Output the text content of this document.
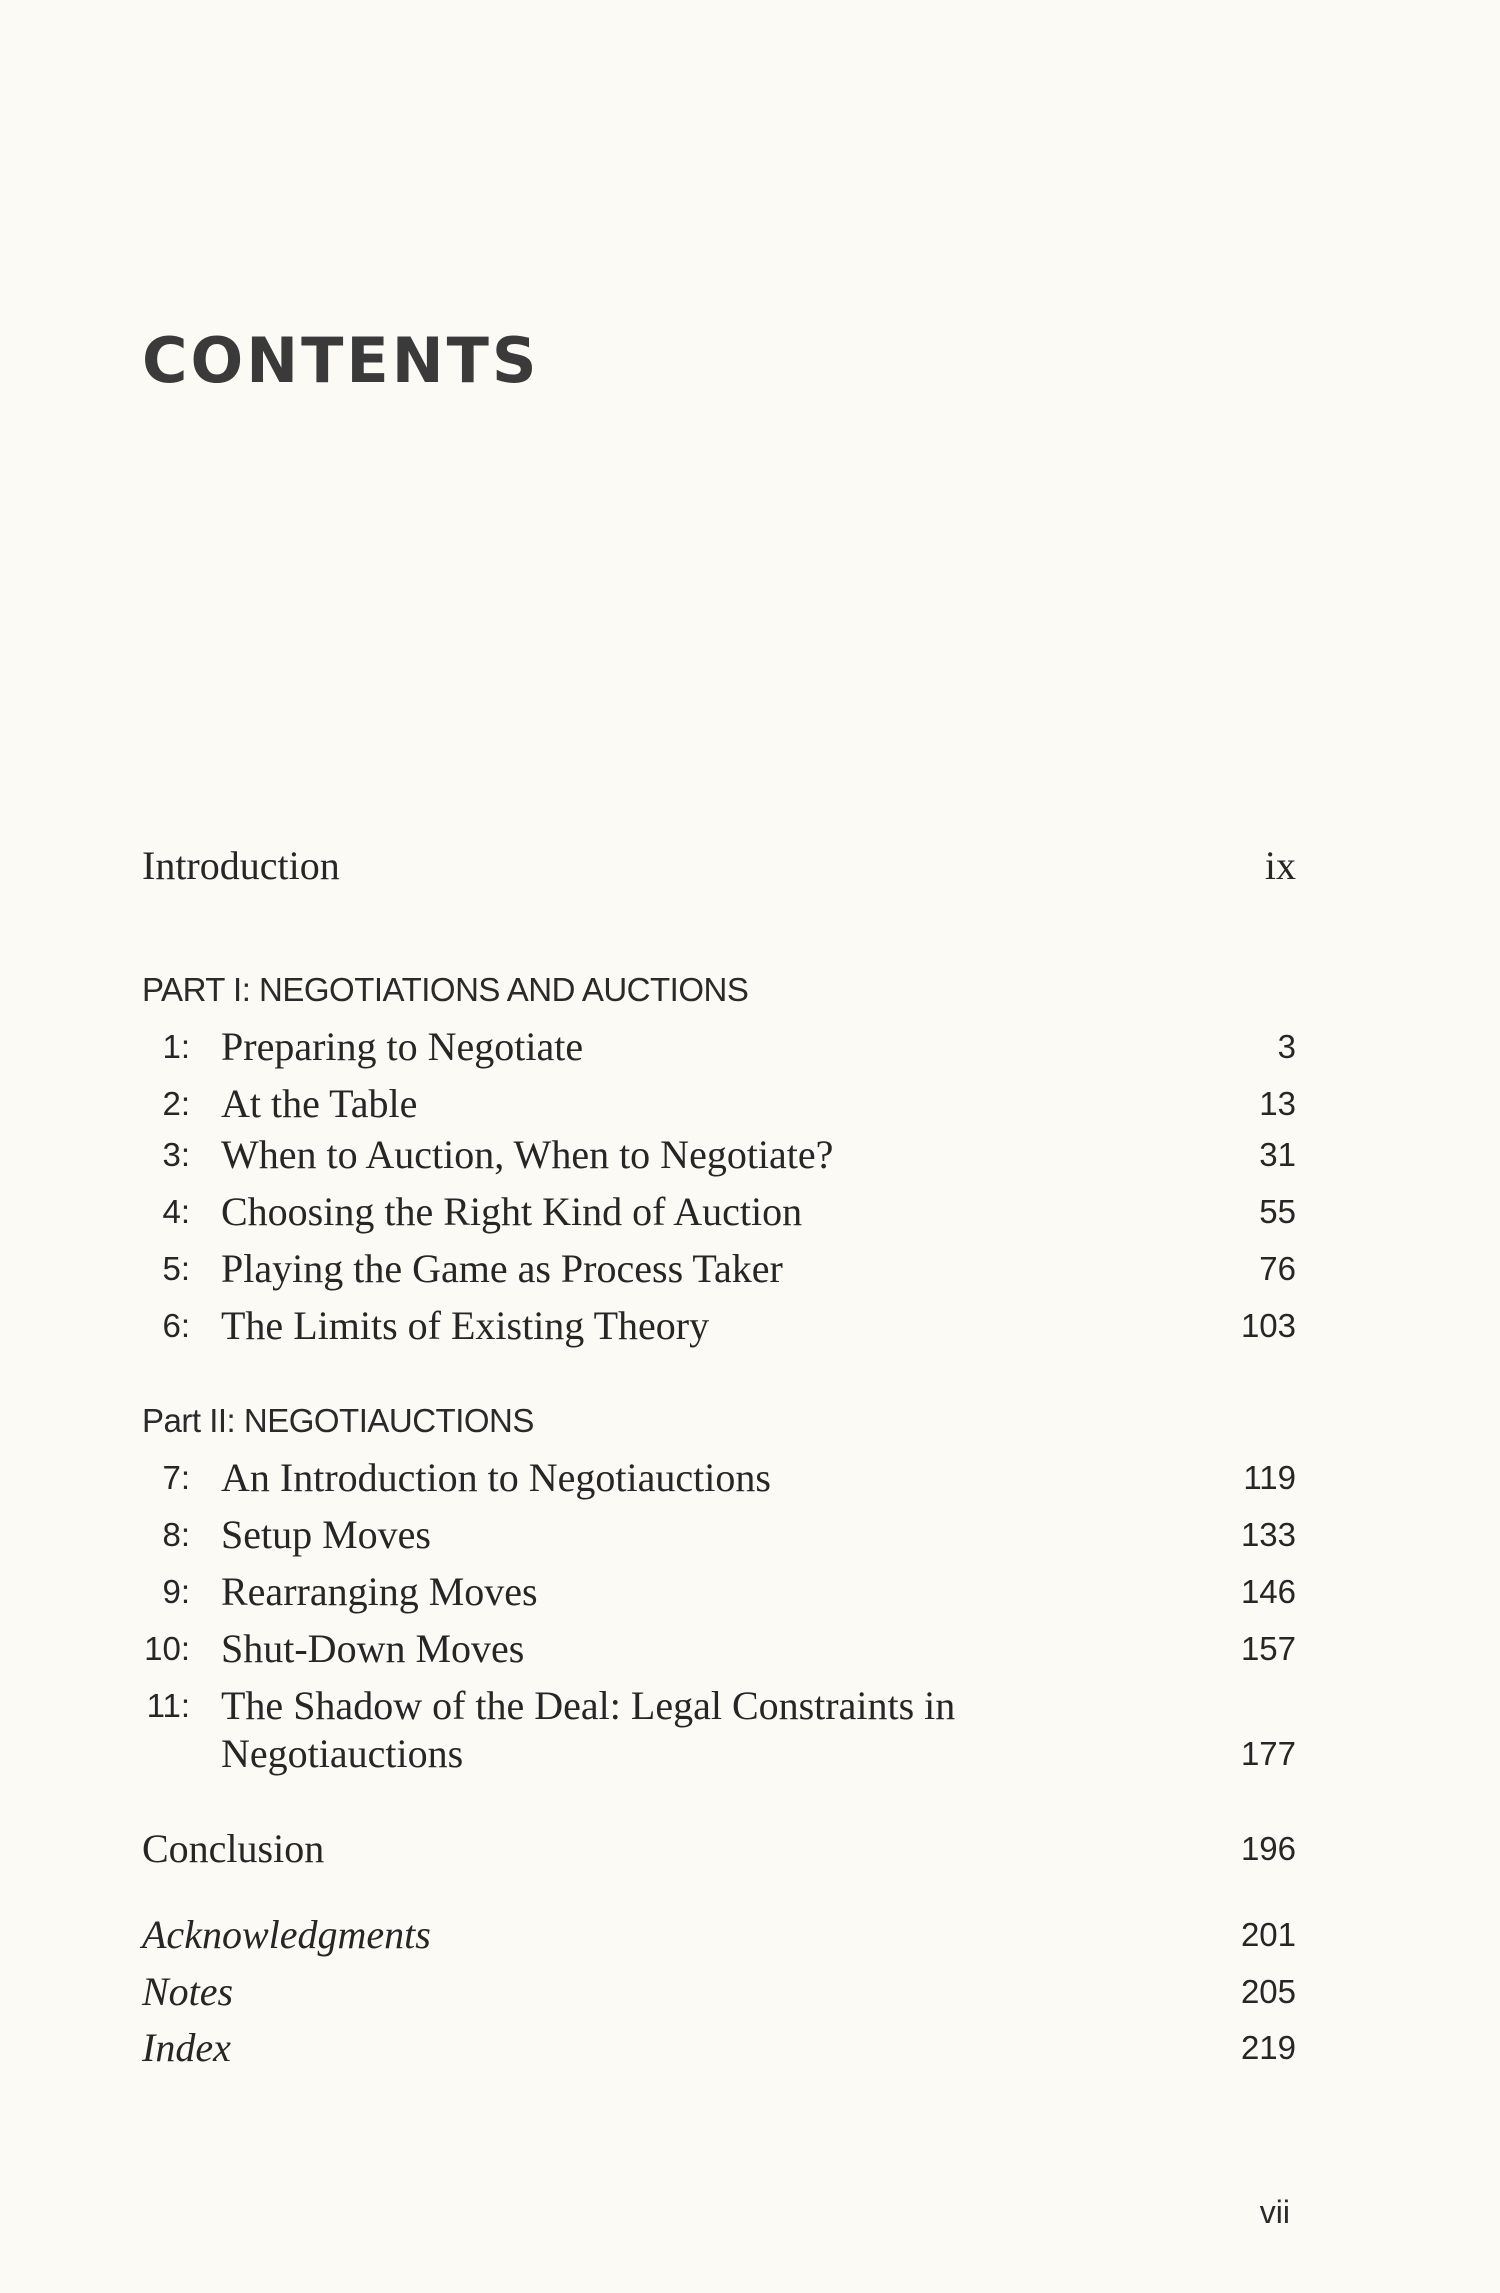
CONTENTS
Introduction	ix
PART I: NEGOTIATIONS AND AUCTIONS
1: Preparing to Negotiate	3
2: At the Table	13
3: When to Auction, When to Negotiate?	31
4: Choosing the Right Kind of Auction	55
5: Playing the Game as Process Taker	76
6: The Limits of Existing Theory	103
Part II: NEGOTIAUCTIONS
7: An Introduction to Negotiauctions	119
8: Setup Moves	133
9: Rearranging Moves	146
10: Shut-Down Moves	157
11: The Shadow of the Deal: Legal Constraints in
Negotiauctions	177
Conclusion	196
Acknowledgments	201
Notes	205
Index	219
vii
